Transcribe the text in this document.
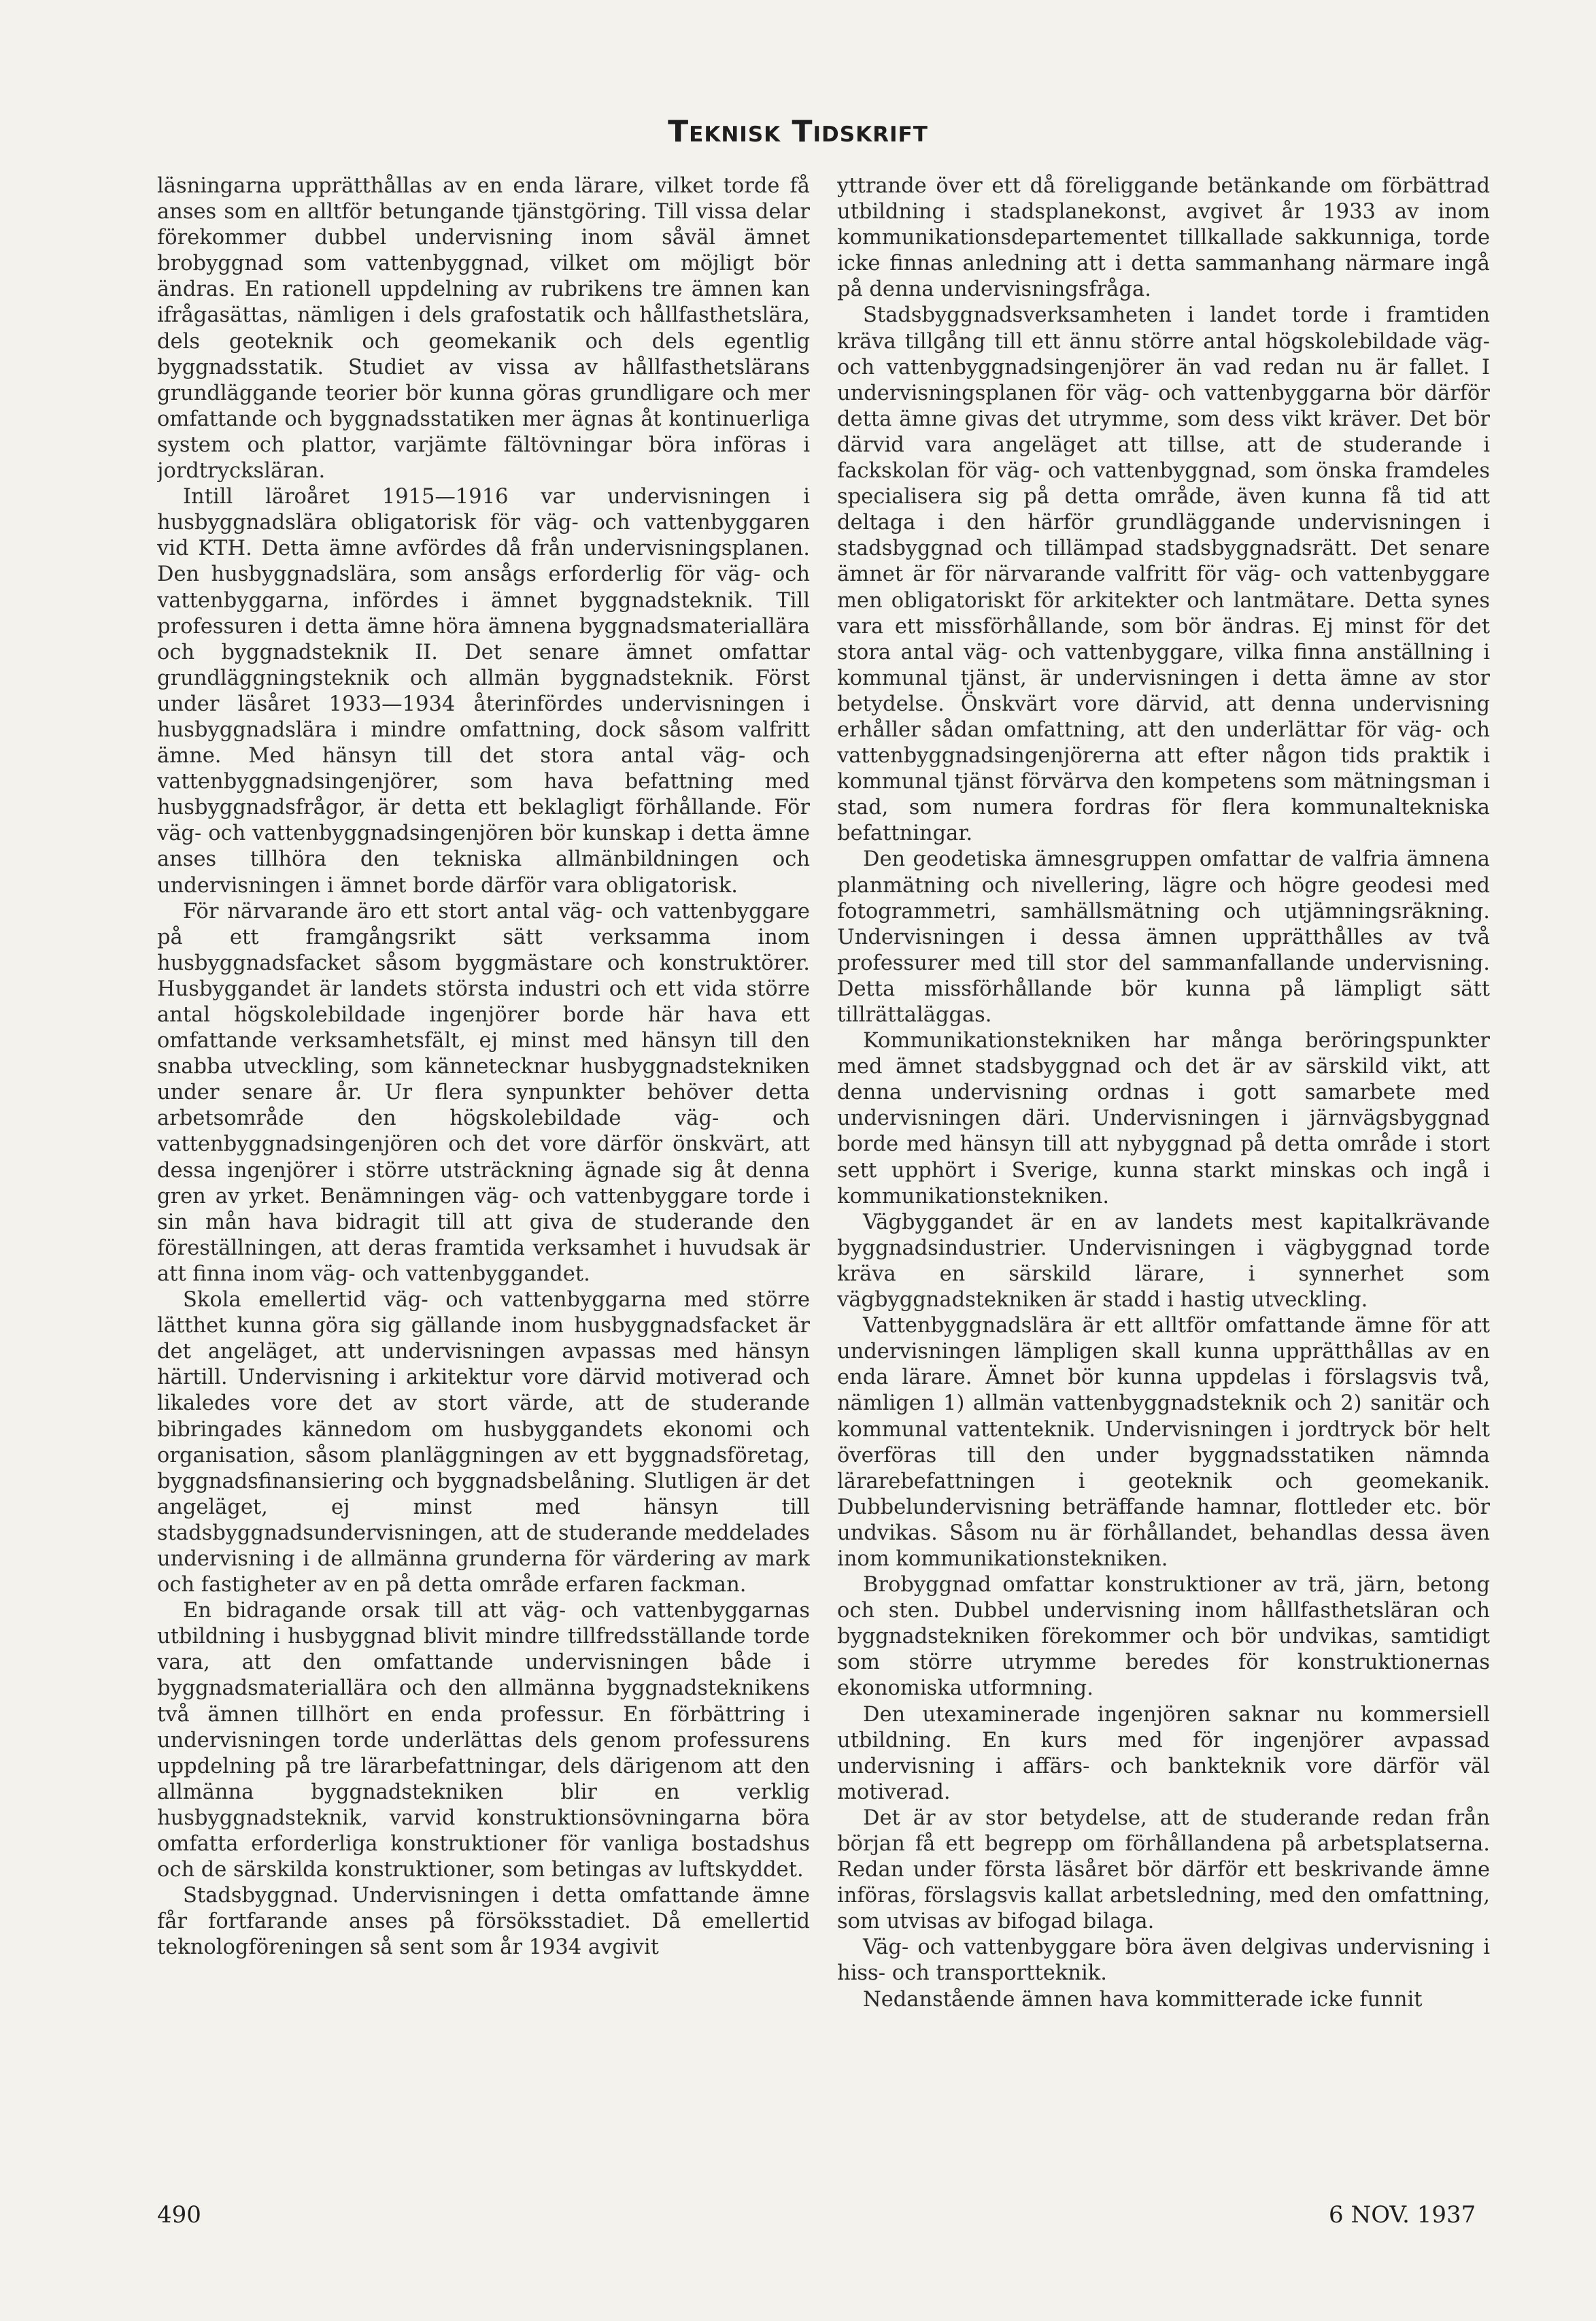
Teknisk Tidskrift

läsningarna upprätthållas av en enda lärare, vilket torde få anses som en alltför betungande tjänstgöring. Till vissa delar förekommer dubbel undervisning inom såväl ämnet brobyggnad som vattenbyggnad, vilket om möjligt bör ändras. En rationell uppdelning av rubrikens tre ämnen kan ifrågasättas, nämligen i dels grafostatik och hållfasthetslära, dels geoteknik och geomekanik och dels egentlig byggnadsstatik. Studiet av vissa av hållfasthetslärans grundläggande teorier bör kunna göras grundligare och mer omfattande och byggnadsstatiken mer ägnas åt kontinuerliga system och plattor, varjämte fältövningar böra införas i jordtrycksläran.

Intill läroåret 1915—1916 var undervisningen i husbyggnadslära obligatorisk för väg- och vattenbyggaren vid KTH. Detta ämne avfördes då från undervisningsplanen. Den husbyggnadslära, som ansågs erforderlig för väg- och vattenbyggarna, infördes i ämnet byggnadsteknik. Till professuren i detta ämne höra ämnena byggnadsmateriallära och byggnadsteknik II. Det senare ämnet omfattar grundläggningsteknik och allmän byggnadsteknik. Först under läsåret 1933—1934 återinfördes undervisningen i husbyggnadslära i mindre omfattning, dock såsom valfritt ämne. Med hänsyn till det stora antal väg- och vattenbyggnadsingenjörer, som hava befattning med husbyggnadsfrågor, är detta ett beklagligt förhållande. För väg- och vattenbyggnadsingenjören bör kunskap i detta ämne anses tillhöra den tekniska allmänbildningen och undervisningen i ämnet borde därför vara obligatorisk.

För närvarande äro ett stort antal väg- och vattenbyggare på ett framgångsrikt sätt verksamma inom husbyggnadsfacket såsom byggmästare och konstruktörer. Husbyggandet är landets största industri och ett vida större antal högskolebildade ingenjörer borde här hava ett omfattande verksamhetsfält, ej minst med hänsyn till den snabba utveckling, som kännetecknar husbyggnadstekniken under senare år. Ur flera synpunkter behöver detta arbetsområde den högskolebildade väg- och vattenbyggnadsingenjören och det vore därför önskvärt, att dessa ingenjörer i större utsträckning ägnade sig åt denna gren av yrket. Benämningen väg- och vattenbyggare torde i sin mån hava bidragit till att giva de studerande den föreställningen, att deras framtida verksamhet i huvudsak är att finna inom väg- och vattenbyggandet.

Skola emellertid väg- och vattenbyggarna med större lätthet kunna göra sig gällande inom husbyggnadsfacket är det angeläget, att undervisningen avpassas med hänsyn härtill. Undervisning i arkitektur vore därvid motiverad och likaledes vore det av stort värde, att de studerande bibringades kännedom om husbyggandets ekonomi och organisation, såsom planläggningen av ett byggnadsföretag, byggnadsfinansiering och byggnadsbelåning. Slutligen är det angeläget, ej minst med hänsyn till stadsbyggnadsundervisningen, att de studerande meddelades undervisning i de allmänna grunderna för värdering av mark och fastigheter av en på detta område erfaren fackman.

En bidragande orsak till att väg- och vattenbyggarnas utbildning i husbyggnad blivit mindre tillfredsställande torde vara, att den omfattande undervisningen både i byggnadsmateriallära och den allmänna byggnadsteknikens två ämnen tillhört en enda professur. En förbättring i undervisningen torde underlättas dels genom professurens uppdelning på tre lärarbefattningar, dels därigenom att den allmänna byggnadstekniken blir en verklig husbyggnadsteknik, varvid konstruktionsövningarna böra omfatta erforderliga konstruktioner för vanliga bostadshus och de särskilda konstruktioner, som betingas av luftskyddet.

Stadsbyggnad. Undervisningen i detta omfattande ämne får fortfarande anses på försöksstadiet. Då emellertid teknologföreningen så sent som år 1934 avgivit

yttrande över ett då föreliggande betänkande om förbättrad utbildning i stadsplanekonst, avgivet år 1933 av inom kommunikationsdepartementet tillkallade sakkunniga, torde icke finnas anledning att i detta sammanhang närmare ingå på denna undervisningsfråga.

Stadsbyggnadsverksamheten i landet torde i framtiden kräva tillgång till ett ännu större antal högskolebildade väg- och vattenbyggnadsingenjörer än vad redan nu är fallet. I undervisningsplanen för väg- och vattenbyggarna bör därför detta ämne givas det utrymme, som dess vikt kräver. Det bör därvid vara angeläget att tillse, att de studerande i fackskolan för väg- och vattenbyggnad, som önska framdeles specialisera sig på detta område, även kunna få tid att deltaga i den härför grundläggande undervisningen i stadsbyggnad och tillämpad stadsbyggnadsrätt. Det senare ämnet är för närvarande valfritt för väg- och vattenbyggare men obligatoriskt för arkitekter och lantmätare. Detta synes vara ett missförhållande, som bör ändras. Ej minst för det stora antal väg- och vattenbyggare, vilka finna anställning i kommunal tjänst, är undervisningen i detta ämne av stor betydelse. Önskvärt vore därvid, att denna undervisning erhåller sådan omfattning, att den underlättar för väg- och vattenbyggnadsingenjörerna att efter någon tids praktik i kommunal tjänst förvärva den kompetens som mätningsman i stad, som numera fordras för flera kommunaltekniska befattningar.

Den geodetiska ämnesgruppen omfattar de valfria ämnena planmätning och nivellering, lägre och högre geodesi med fotogrammetri, samhällsmätning och utjämningsräkning. Undervisningen i dessa ämnen upprätthålles av två professurer med till stor del sammanfallande undervisning. Detta missförhållande bör kunna på lämpligt sätt tillrättaläggas.

Kommunikationstekniken har många beröringspunkter med ämnet stadsbyggnad och det är av särskild vikt, att denna undervisning ordnas i gott samarbete med undervisningen däri. Undervisningen i järnvägsbyggnad borde med hänsyn till att nybyggnad på detta område i stort sett upphört i Sverige, kunna starkt minskas och ingå i kommunikationstekniken.

Vägbyggandet är en av landets mest kapitalkrävande byggnadsindustrier. Undervisningen i vägbyggnad torde kräva en särskild lärare, i synnerhet som vägbyggnadstekniken är stadd i hastig utveckling.

Vattenbyggnadslära är ett alltför omfattande ämne för att undervisningen lämpligen skall kunna upprätthållas av en enda lärare. Ämnet bör kunna uppdelas i förslagsvis två, nämligen 1) allmän vattenbyggnadsteknik och 2) sanitär och kommunal vattenteknik. Undervisningen i jordtryck bör helt överföras till den under byggnadsstatiken nämnda lärarebefattningen i geoteknik och geomekanik. Dubbelundervisning beträffande hamnar, flottleder etc. bör undvikas. Såsom nu är förhållandet, behandlas dessa även inom kommunikationstekniken.

Brobyggnad omfattar konstruktioner av trä, järn, betong och sten. Dubbel undervisning inom hållfasthetsläran och byggnadstekniken förekommer och bör undvikas, samtidigt som större utrymme beredes för konstruktionernas ekonomiska utformning.

Den utexaminerade ingenjören saknar nu kommersiell utbildning. En kurs med för ingenjörer avpassad undervisning i affärs- och bankteknik vore därför väl motiverad.

Det är av stor betydelse, att de studerande redan från början få ett begrepp om förhållandena på arbetsplatserna. Redan under första läsåret bör därför ett beskrivande ämne införas, förslagsvis kallat arbetsledning, med den omfattning, som utvisas av bifogad bilaga.

Väg- och vattenbyggare böra även delgivas undervisning i hiss- och transportteknik.

Nedanstående ämnen hava kommitterade icke funnit

490	6 NOV. 1937
